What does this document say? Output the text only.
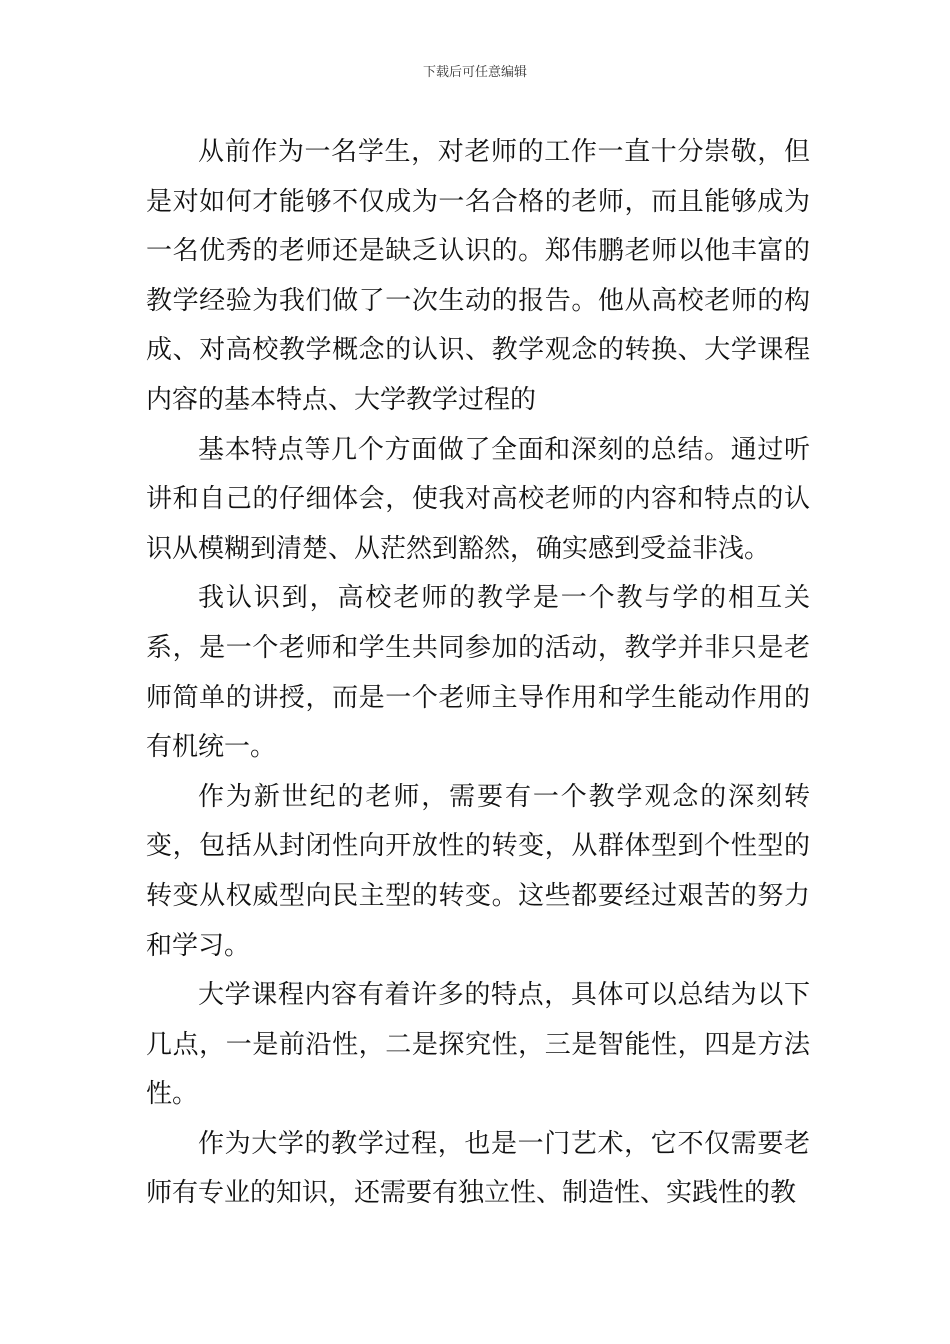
下载后可任意编辑

从前作为一名学生，对老师的工作一直十分崇敬，但是对如何才能够不仅成为一名合格的老师，而且能够成为一名优秀的老师还是缺乏认识的。郑伟鹏老师以他丰富的教学经验为我们做了一次生动的报告。他从高校老师的构成、对高校教学概念的认识、教学观念的转换、大学课程内容的基本特点、大学教学过程的

基本特点等几个方面做了全面和深刻的总结。通过听讲和自己的仔细体会，使我对高校老师的内容和特点的认识从模糊到清楚、从茫然到豁然，确实感到受益非浅。

我认识到，高校老师的教学是一个教与学的相互关系，是一个老师和学生共同参加的活动，教学并非只是老师简单的讲授，而是一个老师主导作用和学生能动作用的有机统一。

作为新世纪的老师，需要有一个教学观念的深刻转变，包括从封闭性向开放性的转变，从群体型到个性型的转变从权威型向民主型的转变。这些都要经过艰苦的努力和学习。

大学课程内容有着许多的特点，具体可以总结为以下几点，一是前沿性，二是探究性，三是智能性，四是方法性。

作为大学的教学过程，也是一门艺术，它不仅需要老师有专业的知识，还需要有独立性、制造性、实践性的教
